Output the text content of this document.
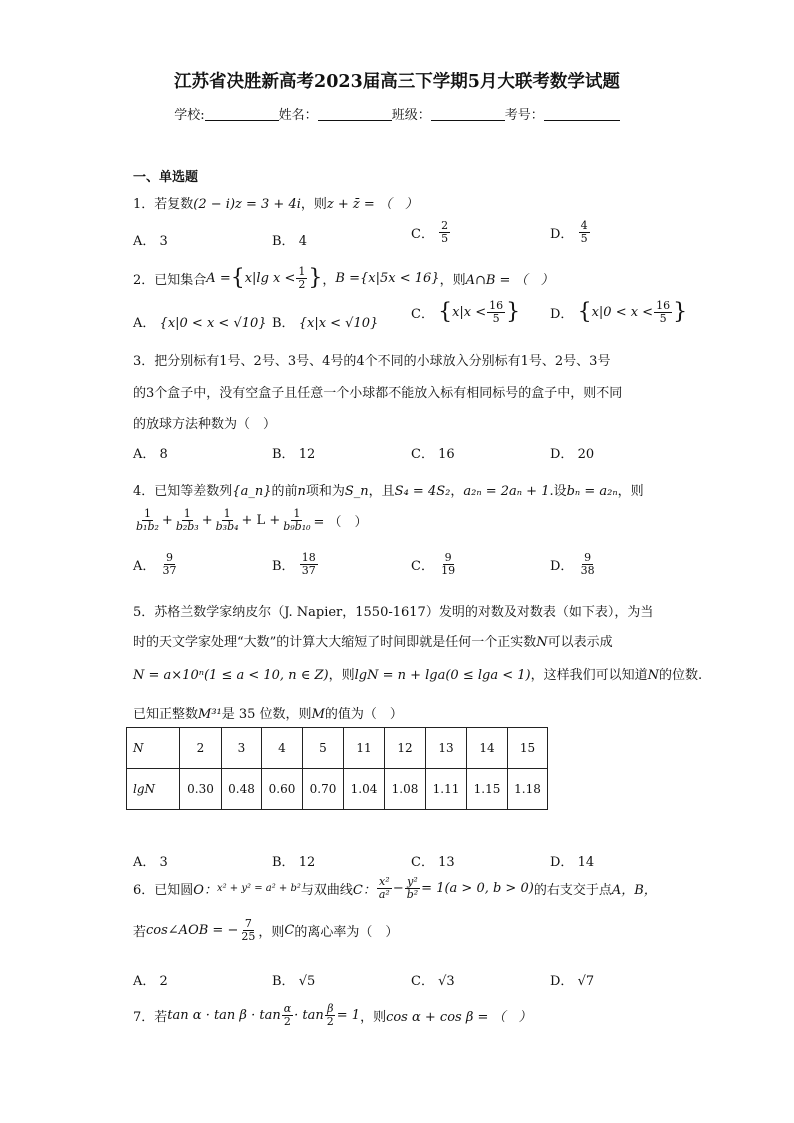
江苏省决胜新高考2023届高三下学期5月大联考数学试题
学校:	姓名：	班级：	考号：
一、单选题
1．若复数(2 − i)z = 3 + 4i，则z + z̄ = （　）
A． 3	B． 4	C． $\frac{2}{5}$	D． $\frac{4}{5}$
2．已知集合A ={x|lg $x < \frac{1}{2}$ }，B ={x|5x < 16}，则A∩B = （　）
A． {x|0 < x < √10} B． {x|x < √10}
C． {$x|x < \frac{16}{5}$ } D． {$x|0 < x < \frac{16}{5}$ }
3．把分别标有1号、2号、3号、4号的4个不同的小球放入分别标有1号、2号、3号
的3个盒子中，没有空盒子且任意一个小球都不能放入标有相同标号的盒子中，则不同
的放球方法种数为（　）
A． 8	B． 12	C． 16	D． 20
4．已知等差数列{a_n}的前n项和为S_n，且S₄ = 4S₂，a₂ₙ = 2aₙ + 1.设bₙ = a₂ₙ，则
$\frac{1}{\text{b₁b₂}} + \frac{1}{\text{b₂b₃}} + \frac{1}{\text{b₃b₄}} + L + \frac{1}{\text{b₉b₁₀}}$ = （　）
A． $\frac{9}{37}$	B． $\frac{18}{37}$	C． $\frac{9}{19}$	D． $\frac{9}{38}$
5．苏格兰数学家纳皮尔（J. Napier，1550-1617）发明的对数及对数表（如下表），为当
时的天文学家处理“大数”的计算大大缩短了时间即就是任何一个正实数N可以表示成
N = a×10ⁿ(1 ≤ a < 10, n ∈ Z)，则lgN = n + lga(0 ≤ lga < 1)，这样我们可以知道N的位数.
已知正整数M³¹是 35 位数，则M的值为（　）
N	2	3	4	5	11	12	13	14	15
lgN	0.30	0.48	0.60	0.70	1.04	1.08	1.11	1.15	1.18
A． 3	B． 12	C． 13	D． 14
6．已知圆O：x² + y² = a² + b²与双曲线C： $\frac{\text{x²}}{\text{a²}} - \frac{\text{y²}}{\text{b²}} = 1(a > 0$, b > 0)的右支交于点A，B，
若cos∠AOB = − $\frac{7}{25}$ ，则C的离心率为（　）
A． 2	B． √5	C． √3	D． √7
7．若$\tan \alpha \cdot \tan \beta \cdot \tan \frac{\alpha}{2} \cdot \tan \frac{\beta}{2} = 1$，则cos α + cos β = （　）
